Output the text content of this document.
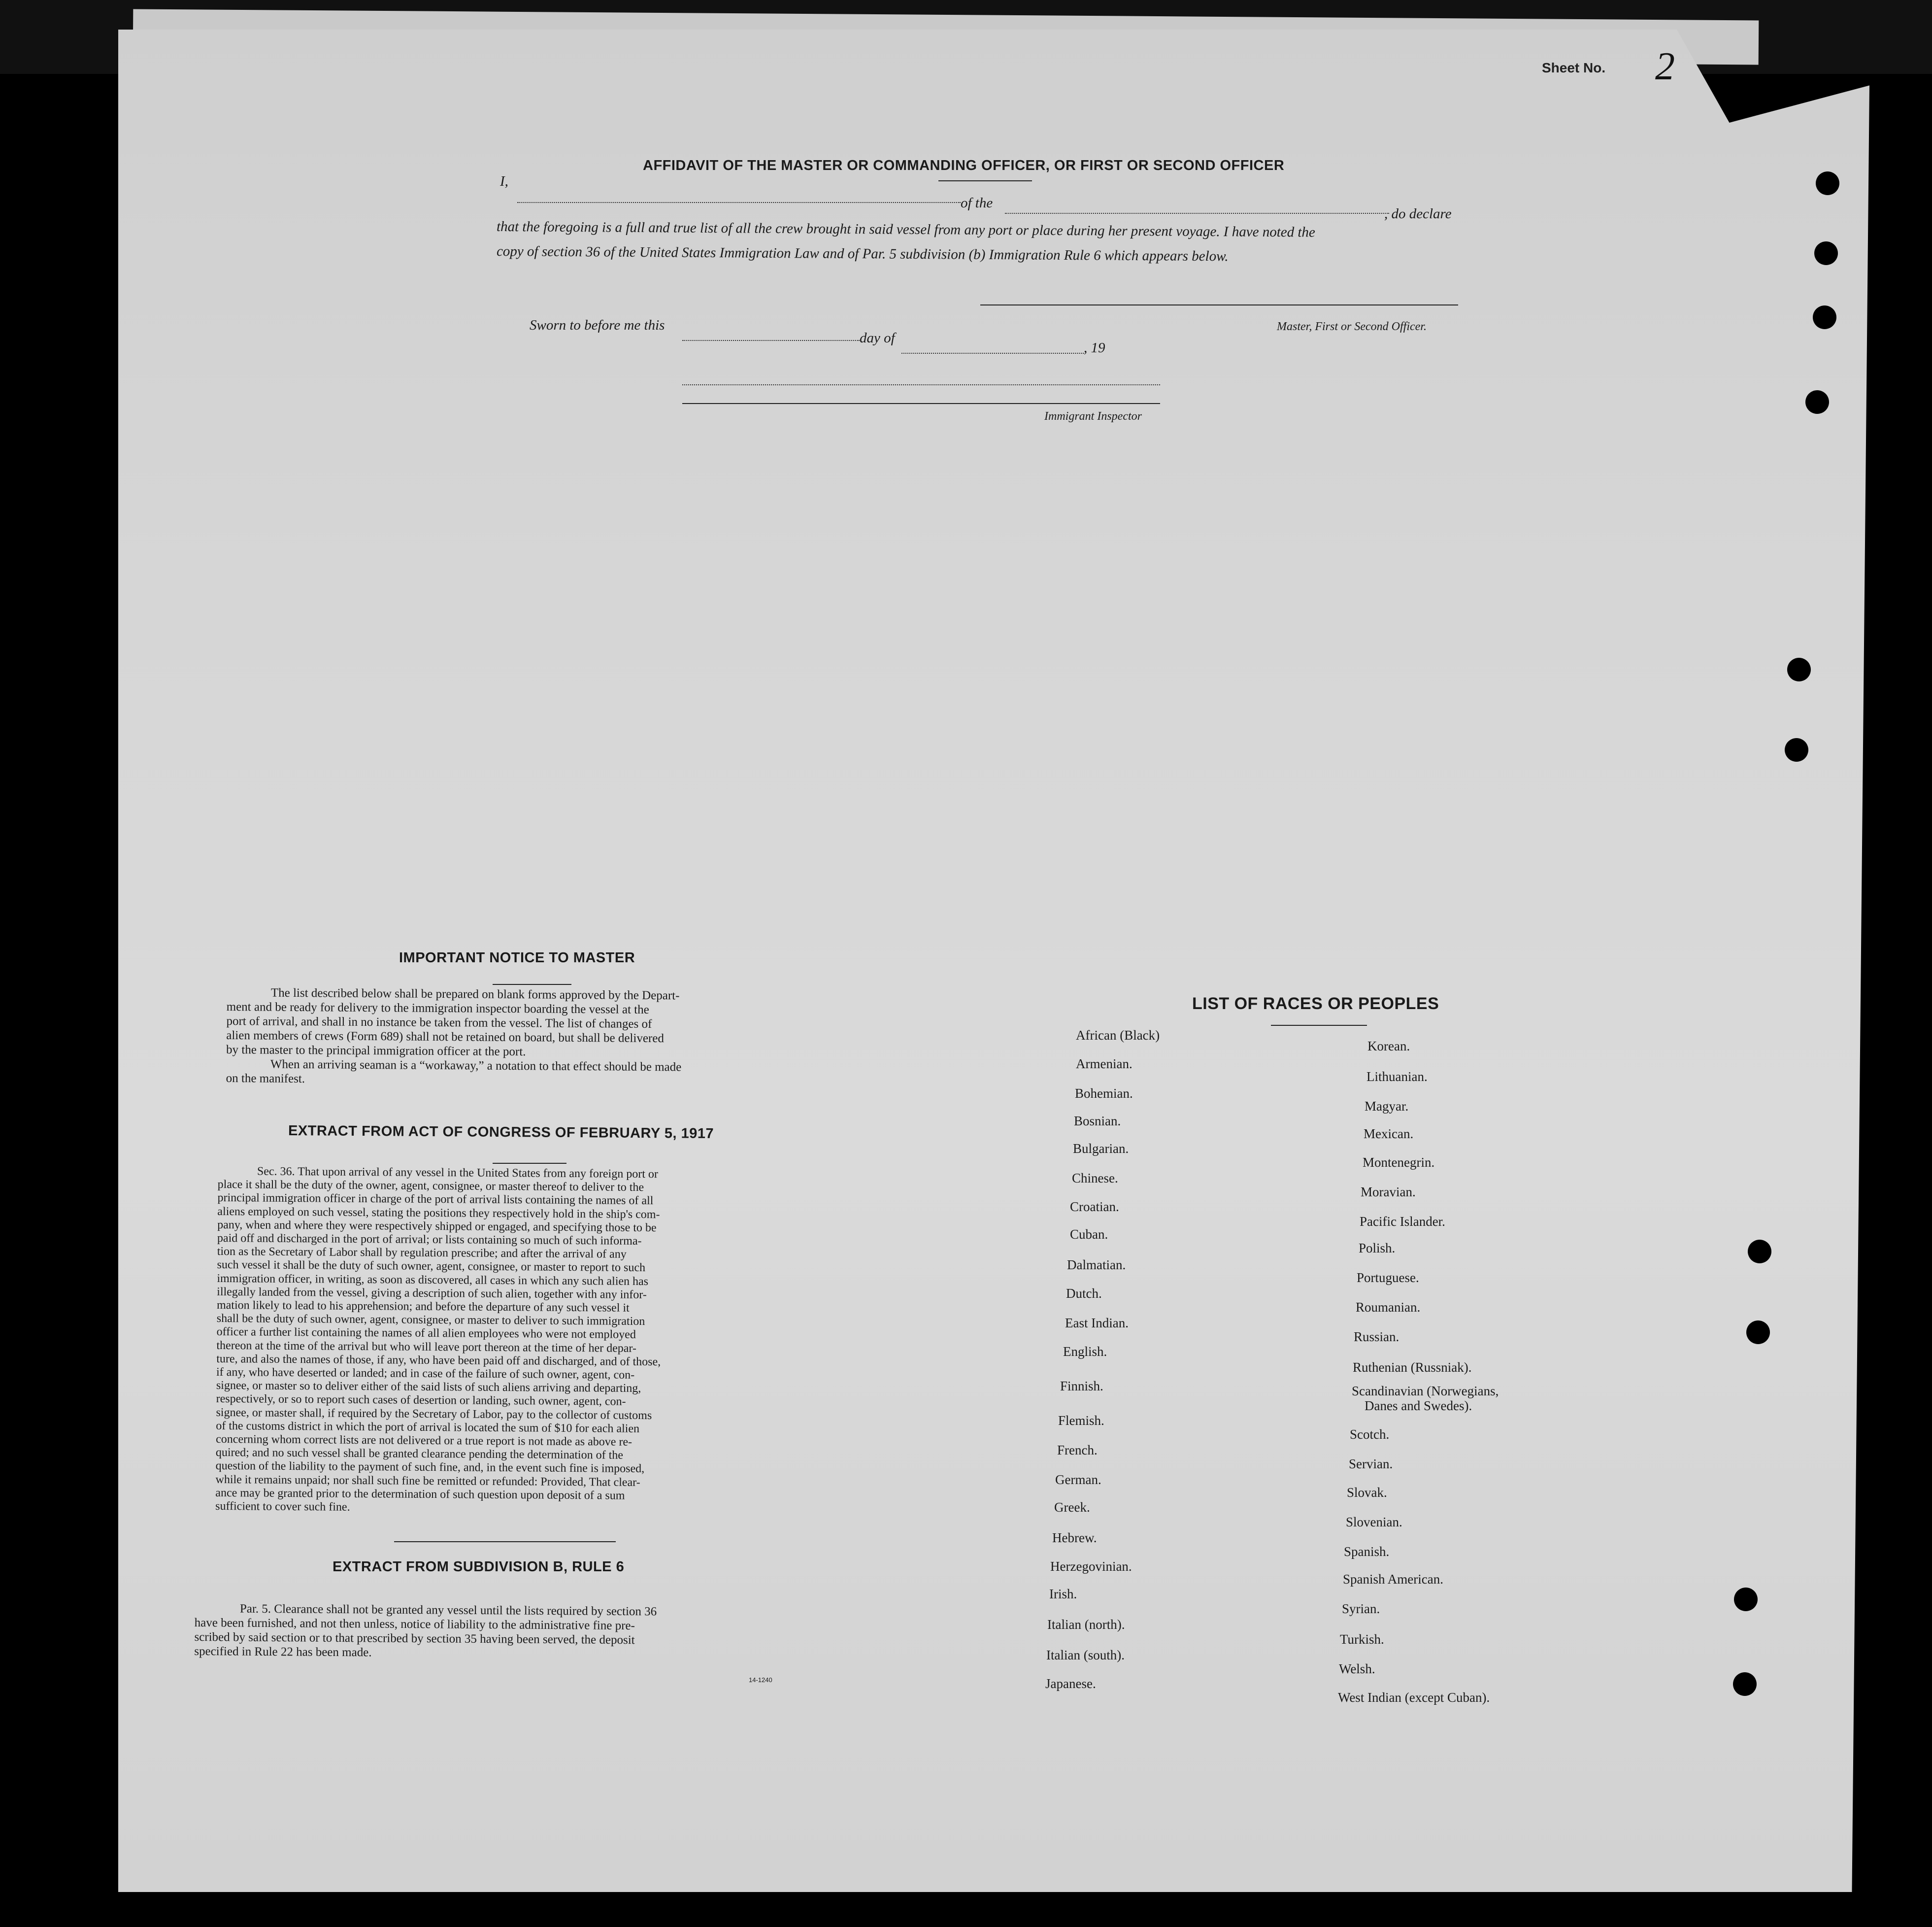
Sheet No. 2
AFFIDAVIT OF THE MASTER OR COMMANDING OFFICER, OR FIRST OR SECOND OFFICER
I,
of the
, do declare
that the foregoing is a full and true list of all the crew brought in said vessel from any port or place during her present voyage. I have noted the
copy of section 36 of the United States Immigration Law and of Par. 5 subdivision (b) Immigration Rule 6 which appears below.
Master, First or Second Officer.
Sworn to before me this
day of
, 19
Immigrant Inspector
IMPORTANT NOTICE TO MASTER
The list described below shall be prepared on blank forms approved by the Depart-
ment and be ready for delivery to the immigration inspector boarding the vessel at the
port of arrival, and shall in no instance be taken from the vessel. The list of changes of
alien members of crews (Form 689) shall not be retained on board, but shall be delivered
by the master to the principal immigration officer at the port.
When an arriving seaman is a “workaway,” a notation to that effect should be made
on the manifest.
EXTRACT FROM ACT OF CONGRESS OF FEBRUARY 5, 1917
Sec. 36. That upon arrival of any vessel in the United States from any foreign port or
place it shall be the duty of the owner, agent, consignee, or master thereof to deliver to the
principal immigration officer in charge of the port of arrival lists containing the names of all
aliens employed on such vessel, stating the positions they respectively hold in the ship's com-
pany, when and where they were respectively shipped or engaged, and specifying those to be
paid off and discharged in the port of arrival; or lists containing so much of such informa-
tion as the Secretary of Labor shall by regulation prescribe; and after the arrival of any
such vessel it shall be the duty of such owner, agent, consignee, or master to report to such
immigration officer, in writing, as soon as discovered, all cases in which any such alien has
illegally landed from the vessel, giving a description of such alien, together with any infor-
mation likely to lead to his apprehension; and before the departure of any such vessel it
shall be the duty of such owner, agent, consignee, or master to deliver to such immigration
officer a further list containing the names of all alien employees who were not employed
thereon at the time of the arrival but who will leave port thereon at the time of her depar-
ture, and also the names of those, if any, who have been paid off and discharged, and of those,
if any, who have deserted or landed; and in case of the failure of such owner, agent, con-
signee, or master so to deliver either of the said lists of such aliens arriving and departing,
respectively, or so to report such cases of desertion or landing, such owner, agent, con-
signee, or master shall, if required by the Secretary of Labor, pay to the collector of customs
of the customs district in which the port of arrival is located the sum of $10 for each alien
concerning whom correct lists are not delivered or a true report is not made as above re-
quired; and no such vessel shall be granted clearance pending the determination of the
question of the liability to the payment of such fine, and, in the event such fine is imposed,
while it remains unpaid; nor shall such fine be remitted or refunded: Provided, That clear-
ance may be granted prior to the determination of such question upon deposit of a sum
sufficient to cover such fine.
EXTRACT FROM SUBDIVISION B, RULE 6
Par. 5. Clearance shall not be granted any vessel until the lists required by section 36
have been furnished, and not then unless, notice of liability to the administrative fine pre-
scribed by said section or to that prescribed by section 35 having been served, the deposit
specified in Rule 22 has been made.
14-1240
LIST OF RACES OR PEOPLES
African (Black)
Armenian.
Bohemian.
Bosnian.
Bulgarian.
Chinese.
Croatian.
Cuban.
Dalmatian.
Dutch.
East Indian.
English.
Finnish.
Flemish.
French.
German.
Greek.
Hebrew.
Herzegovinian.
Irish.
Italian (north).
Italian (south).
Japanese.
Korean.
Lithuanian.
Magyar.
Mexican.
Montenegrin.
Moravian.
Pacific Islander.
Polish.
Portuguese.
Roumanian.
Russian.
Ruthenian (Russniak).
Scandinavian (Norwegians,
Danes and Swedes).
Scotch.
Servian.
Slovak.
Slovenian.
Spanish.
Spanish American.
Syrian.
Turkish.
Welsh.
West Indian (except Cuban).
